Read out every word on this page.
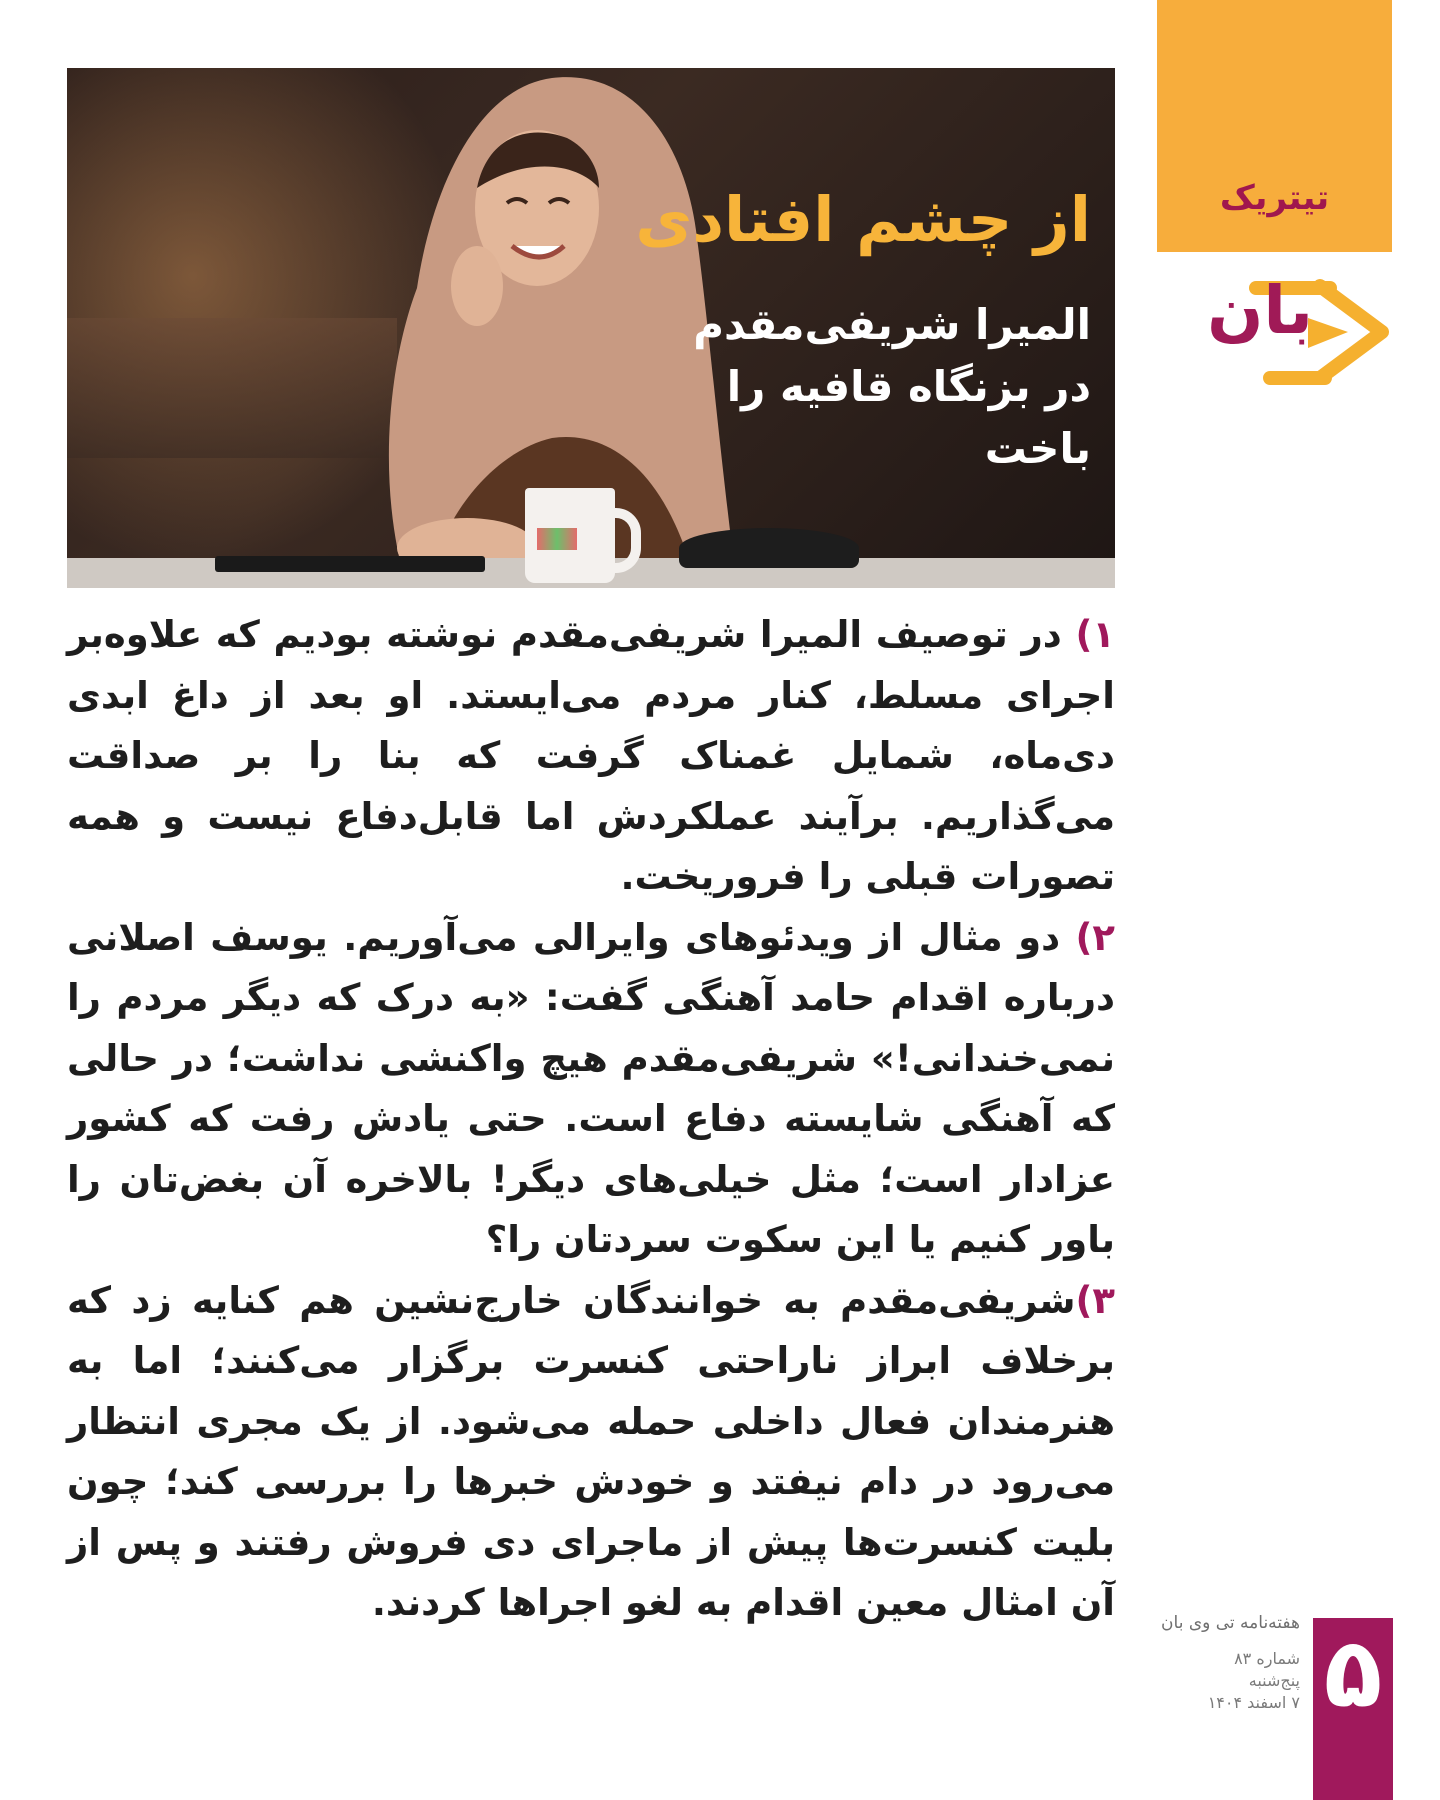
از چشم افتادی
المیرا شریفی‌مقدم
در بزنگاه قافیه را
باخت
تیتریک
بان

۱) در توصیف المیرا شریفی‌مقدم نوشته بودیم که علاوه‌بر اجرای مسلط، کنار مردم می‌ایستد. او بعد از داغ ابدی دی‌ماه، شمایل غمناک گرفت که بنا را بر صداقت می‌گذاریم. برآیند عملکردش اما قابل‌دفاع نیست و همه تصورات قبلی را فروریخت.

۲) دو مثال از ویدئوهای وایرالی می‌آوریم. یوسف اصلانی درباره اقدام حامد آهنگی گفت: «به درک که دیگر مردم را نمی‌خندانی!» شریفی‌مقدم هیچ واکنشی نداشت؛ در حالی که آهنگی شایسته دفاع است. حتی یادش رفت که کشور عزادار است؛ مثل خیلی‌های دیگر! بالاخره آن بغض‌تان را باور کنیم یا این سکوت سردتان را؟

۳)شریفی‌مقدم به خوانندگان خارج‌نشین هم کنایه زد که برخلاف ابراز ناراحتی کنسرت برگزار می‌کنند؛ اما به هنرمندان فعال داخلی حمله می‌شود. از یک مجری انتظار می‌رود در دام نیفتد و خودش خبرها را بررسی کند؛ چون بلیت کنسرت‌ها پیش از ماجرای دی فروش رفتند و پس از آن امثال معین اقدام به لغو اجراها کردند.

۵
هفته‌نامه تی وی بان
شماره ۸۳
پنج‌شنبه
۷ اسفند ۱۴۰۴
